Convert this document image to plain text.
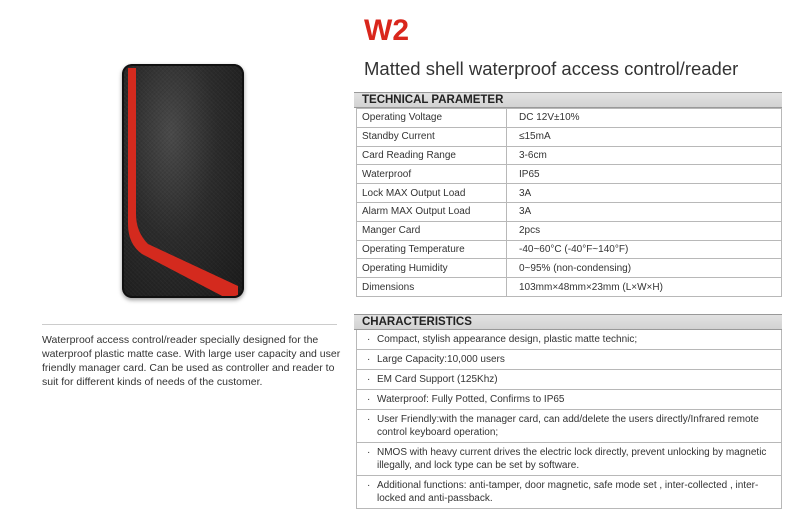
Waterproof access control/reader specially designed for the waterproof plastic matte case. With large user capacity and user friendly manager card. Can be used as controller and reader to suit for different kinds of needs of the customer.
W2
Matted shell waterproof access control/reader
TECHNICAL PARAMETER
Operating Voltage	DC 12V±10%
Standby Current	≤15mA
Card Reading Range	3-6cm
Waterproof	IP65
Lock MAX Output Load	3A
Alarm MAX Output Load	3A
Manger Card	2pcs
Operating Temperature	-40~60°C (-40°F~140°F)
Operating Humidity	0~95% (non-condensing)
Dimensions	103mm×48mm×23mm (L×W×H)
CHARACTERISTICS
· Compact, stylish appearance design, plastic matte technic;
· Large Capacity:10,000 users
· EM Card Support (125Khz)
· Waterproof: Fully Potted, Confirms to IP65
· User Friendly:with the manager card, can add/delete the users directly/Infrared remote control keyboard operation;
· NMOS with heavy current drives the electric lock directly, prevent unlocking by magnetic illegally, and lock type can be set by software.
· Additional functions: anti-tamper, door magnetic, safe mode set , inter-collected , inter-locked and anti-passback.
